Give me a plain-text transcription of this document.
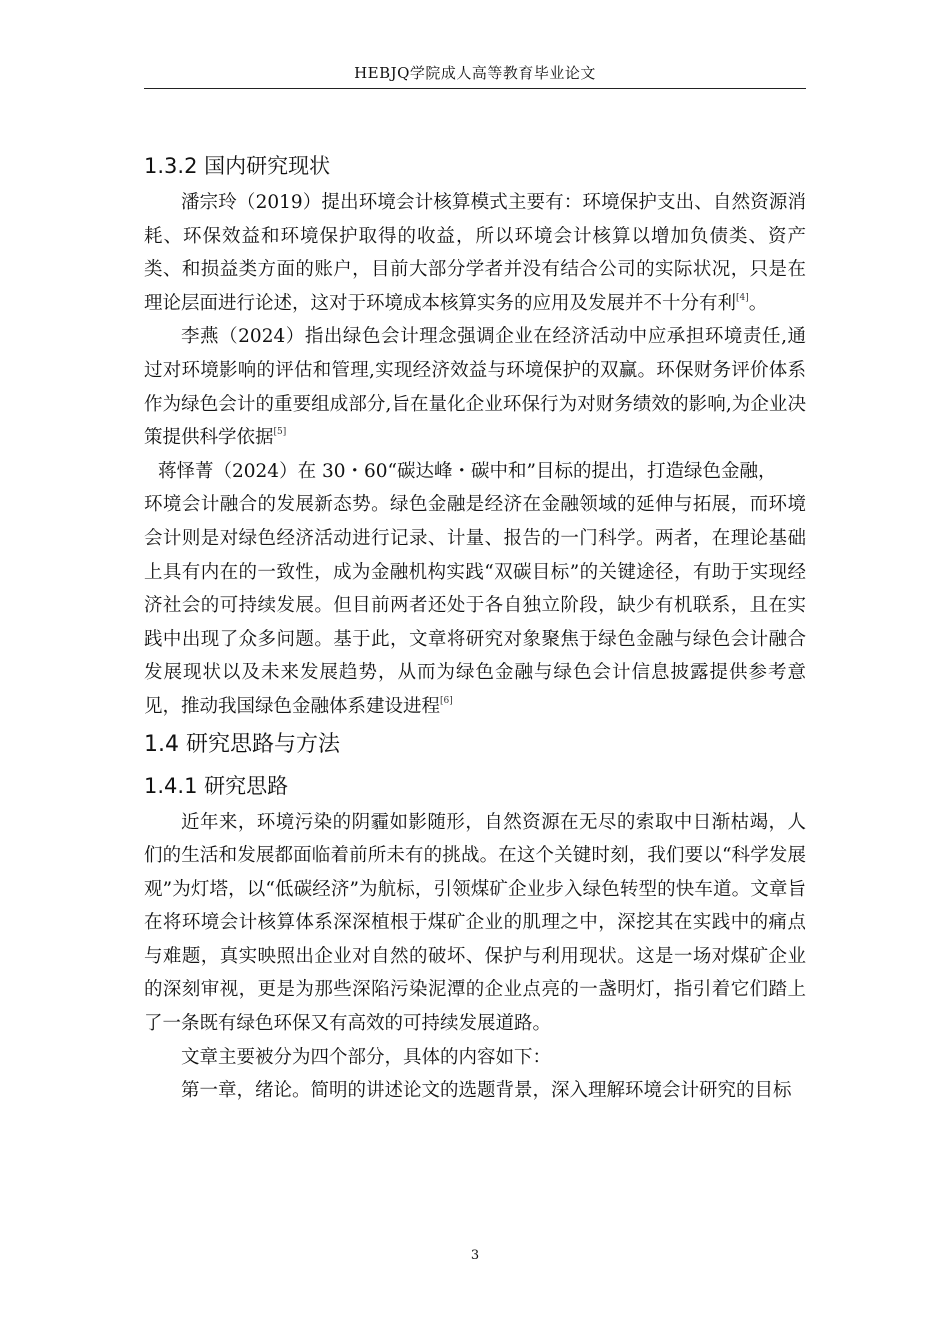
HEBJQ学院成人高等教育毕业论文
1.3.2 国内研究现状

潘宗玲（2019）提出环境会计核算模式主要有：环境保护支出、自然资源消耗、环保效益和环境保护取得的收益，所以环境会计核算以增加负债类、资产类、和损益类方面的账户，目前大部分学者并没有结合公司的实际状况，只是在理论层面进行论述，这对于环境成本核算实务的应用及发展并不十分有利[4]。

李燕（2024）指出绿色会计理念强调企业在经济活动中应承担环境责任,通过对环境影响的评估和管理,实现经济效益与环境保护的双赢。环保财务评价体系作为绿色会计的重要组成部分,旨在量化企业环保行为对财务绩效的影响,为企业决策提供科学依据[5]

蒋怿菁（2024）在 30・60“碳达峰・碳中和”目标的提出，打造绿色金融，

环境会计融合的发展新态势。绿色金融是经济在金融领域的延伸与拓展，而环境会计则是对绿色经济活动进行记录、计量、报告的一门科学。两者，在理论基础上具有内在的一致性，成为金融机构实践“双碳目标”的关键途径，有助于实现经济社会的可持续发展。但目前两者还处于各自独立阶段，缺少有机联系，且在实践中出现了众多问题。基于此，文章将研究对象聚焦于绿色金融与绿色会计融合发展现状以及未来发展趋势，从而为绿色金融与绿色会计信息披露提供参考意见，推动我国绿色金融体系建设进程[6]

1.4 研究思路与方法
1.4.1 研究思路

近年来，环境污染的阴霾如影随形，自然资源在无尽的索取中日渐枯竭，人们的生活和发展都面临着前所未有的挑战。在这个关键时刻，我们要以“科学发展观”为灯塔，以“低碳经济”为航标，引领煤矿企业步入绿色转型的快车道。文章旨在将环境会计核算体系深深植根于煤矿企业的肌理之中，深挖其在实践中的痛点与难题，真实映照出企业对自然的破坏、保护与利用现状。这是一场对煤矿企业的深刻审视，更是为那些深陷污染泥潭的企业点亮的一盏明灯，指引着它们踏上了一条既有绿色环保又有高效的可持续发展道路。

文章主要被分为四个部分，具体的内容如下：

第一章，绪论。简明的讲述论文的选题背景，深入理解环境会计研究的目标

3
